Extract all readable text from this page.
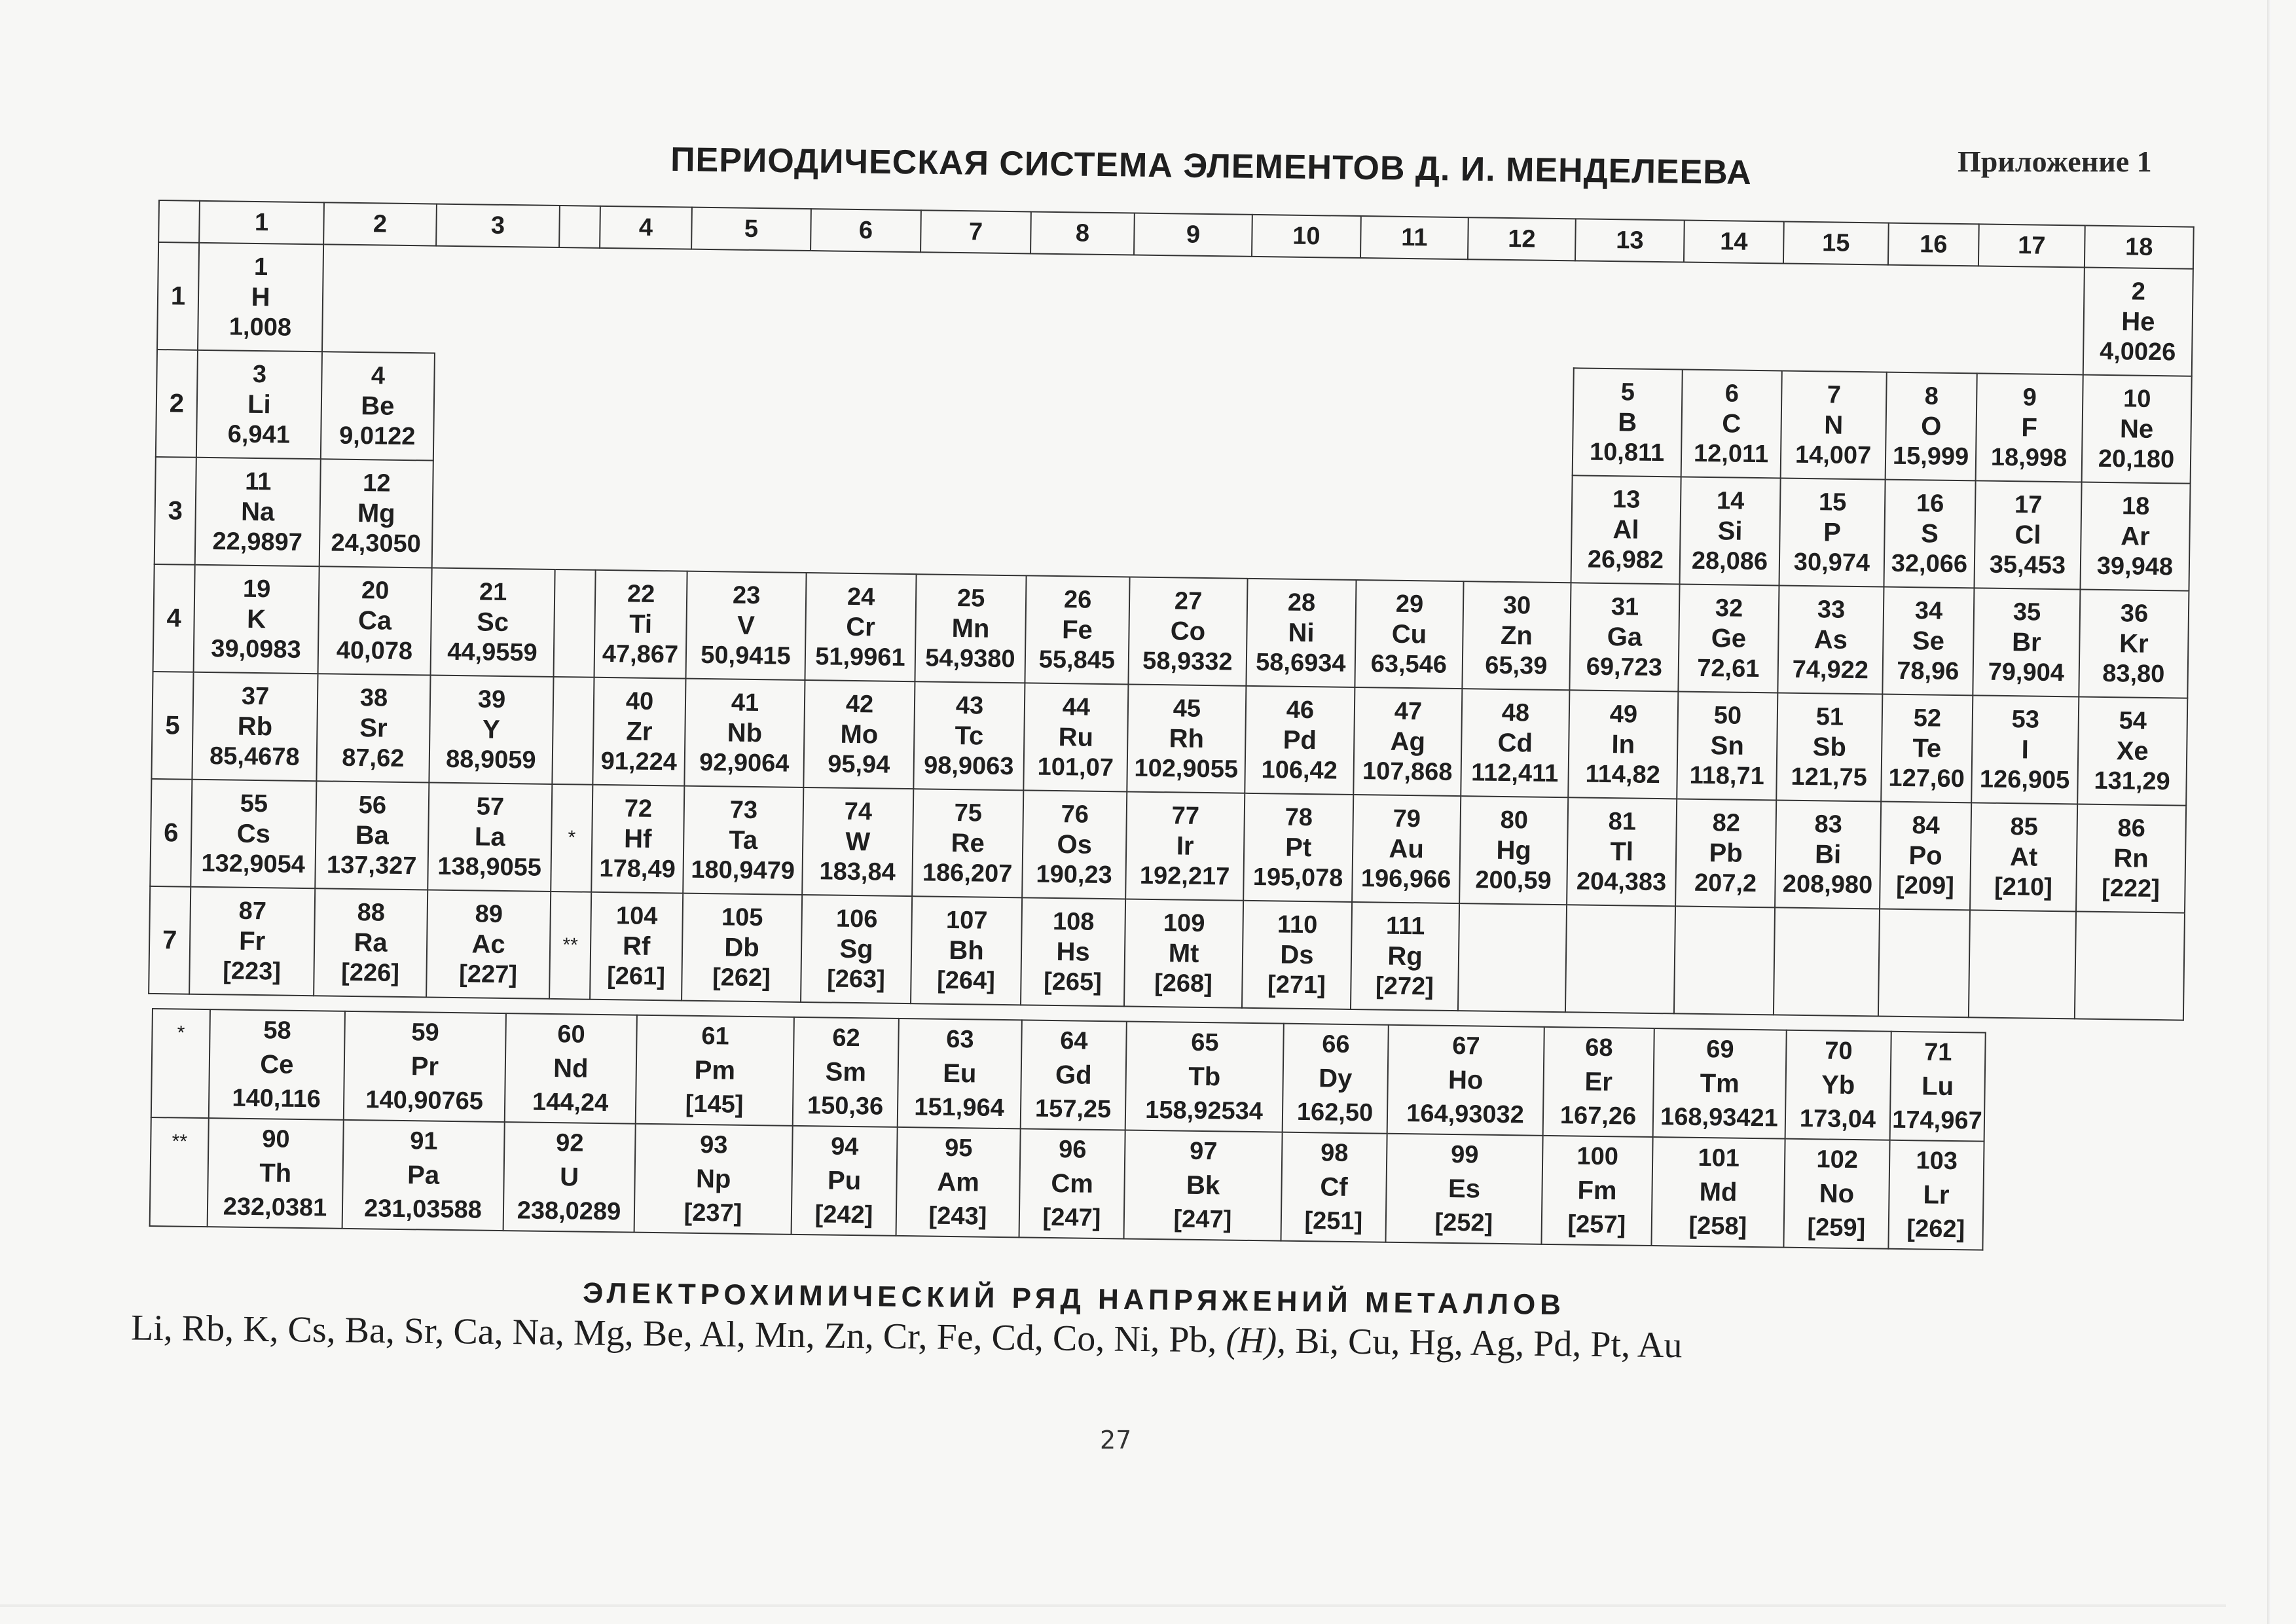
ПЕРИОДИЧЕСКАЯ СИСТЕМА ЭЛЕМЕНТОВ Д. И. МЕНДЕЛЕЕВА	Приложение 1
	1	2	3		4	5	6	7	8	9	10	11	12	13	14	15	16	17	18
1	1
H
1,008																		2
He
4,0026

2	3
Li
6,941	4
Be
9,0122												5
B
10,811	6
C
12,011	7
N
14,007	8
O
15,999	9
F
18,998	10
Ne
20,180

3	11
Na
22,9897	12
Mg
24,3050												13
Al
26,982	14
Si
28,086	15
P
30,974	16
S
32,066	17
Cl
35,453	18
Ar
39,948

4	19
K
39,0983	20
Ca
40,078	21
Sc
44,9559		22
Ti
47,867	23
V
50,9415	24
Cr
51,9961	25
Mn
54,9380	26
Fe
55,845	27
Co
58,9332	28
Ni
58,6934	29
Cu
63,546	30
Zn
65,39	31
Ga
69,723	32
Ge
72,61	33
As
74,922	34
Se
78,96	35
Br
79,904	36
Kr
83,80

5	37
Rb
85,4678	38
Sr
87,62	39
Y
88,9059		40
Zr
91,224	41
Nb
92,9064	42
Mo
95,94	43
Tc
98,9063	44
Ru
101,07	45
Rh
102,9055	46
Pd
106,42	47
Ag
107,868	48
Cd
112,411	49
In
114,82	50
Sn
118,71	51
Sb
121,75	52
Te
127,60	53
I
126,905	54
Xe
131,29

6	55
Cs
132,9054	56
Ba
137,327	57
La
138,9055	*	72
Hf
178,49	73
Ta
180,9479	74
W
183,84	75
Re
186,207	76
Os
190,23	77
Ir
192,217	78
Pt
195,078	79
Au
196,966	80
Hg
200,59	81
Tl
204,383	82
Pb
207,2	83
Bi
208,980	84
Po
[209]	85
At
[210]	86
Rn
[222]

7	87
Fr
[223]	88
Ra
[226]	89
Ac
[227]	**	104
Rf
[261]	105
Db
[262]	106
Sg
[263]	107
Bh
[264]	108
Hs
[265]	109
Mt
[268]	110
Ds
[271]	111
Rg
[272]							

*	58
Ce
140,116	59
Pr
140,90765	60
Nd
144,24	61
Pm
[145]	62
Sm
150,36	63
Eu
151,964	64
Gd
157,25	65
Tb
158,92534	66
Dy
162,50	67
Ho
164,93032	68
Er
167,26	69
Tm
168,93421	70
Yb
173,04	71
Lu
174,967

**	90
Th
232,0381	91
Pa
231,03588	92
U
238,0289	93
Np
[237]	94
Pu
[242]	95
Am
[243]	96
Cm
[247]	97
Bk
[247]	98
Cf
[251]	99
Es
[252]	100
Fm
[257]	101
Md
[258]	102
No
[259]	103
Lr
[262]
ЭЛЕКТРОХИМИЧЕСКИЙ РЯД НАПРЯЖЕНИЙ МЕТАЛЛОВ
Li, Rb, K, Cs, Ba, Sr, Ca, Na, Mg, Be, Al, Mn, Zn, Cr, Fe, Cd, Co, Ni, Pb, (H), Bi, Cu, Hg, Ag, Pd, Pt, Au
27
